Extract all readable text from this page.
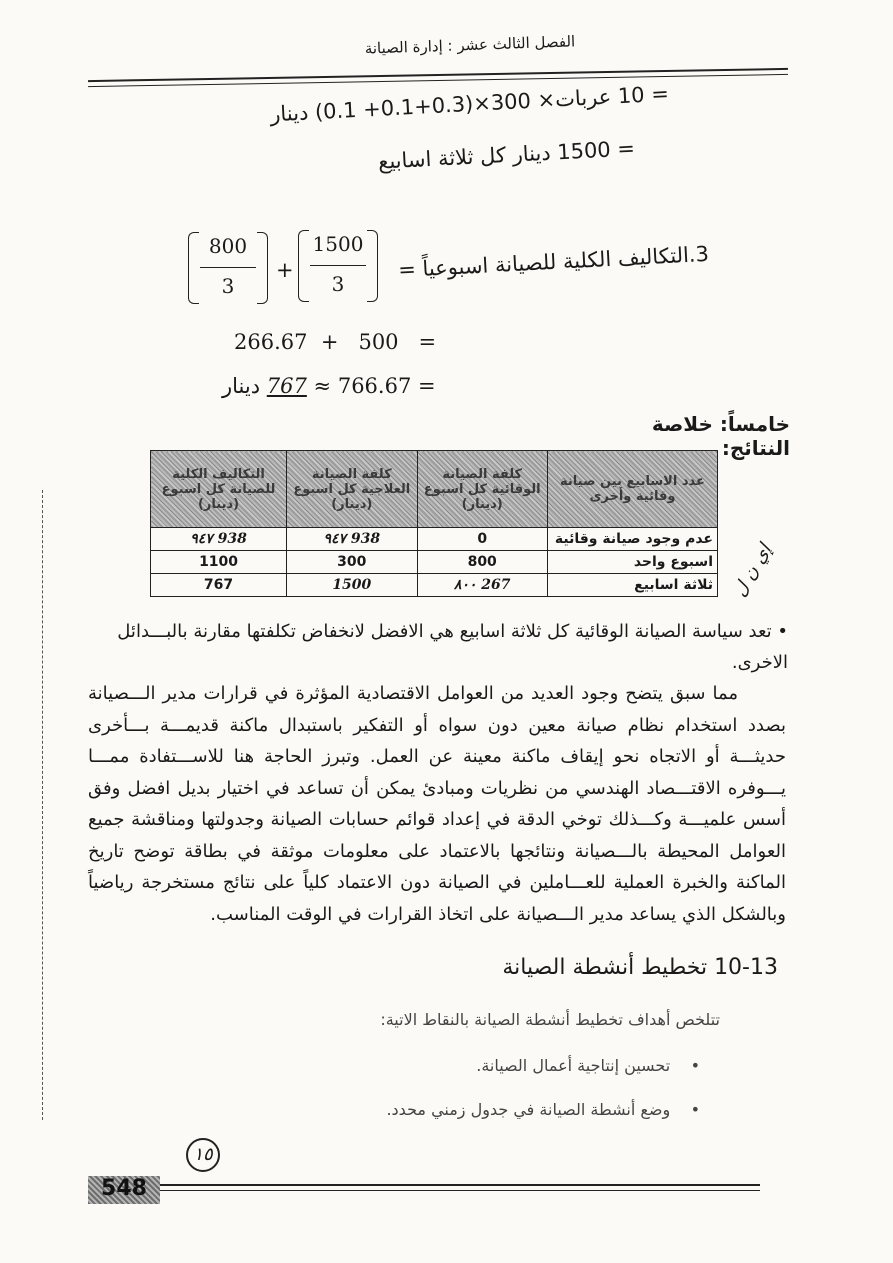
الفصل الثالث عشر : إدارة الصيانة
= 10 عربات× 300×(0.3+0.1+ 0.1) دينار
= 1500 دينار كل ثلاثة اسابيع
3.التكاليف الكلية للصيانة اسبوعياً =
1500
3
+
800
3
266.67  +   500   =
= 766.67 ≈ 767 دينار
خامساً: خلاصة النتائج:
عدد الاسابيع بين صيانة وقائية وأخرى	كلفة الصيانة الوقائية كل اسبوع (دينار)	كلفة الصيانة العلاجية كل اسبوع (دينار)	التكاليف الكلية للصيانة كل اسبوع (دينار)
عدم وجود صيانة وقائية	0	938 ٩٤٧	938 ٩٤٧
اسبوع واحد	800	300	1100
ثلاثة اسابيع	267 ٨٠٠	1500	767	إي ن ل
• تعد سياسة الصيانة الوقائية كل ثلاثة اسابيع هي الافضل لانخفاض تكلفتها مقارنة بالبـــدائل الاخرى.
مما سبق يتضح وجود العديد من العوامل الاقتصادية المؤثرة في قرارات مدير الـــصيانة بصدد استخدام نظام صيانة معين دون سواه أو التفكير باستبدال ماكنة قديمـــة بـــأخرى حديثـــة أو الاتجاه نحو إيقاف ماكنة معينة عن العمل. وتبرز الحاجة هنا للاســـتفادة ممـــا يـــوفره الاقتـــصاد الهندسي من نظريات ومبادئ يمكن أن تساعد في اختيار بديل افضل وفق أسس علميـــة وكـــذلك توخي الدقة في إعداد قوائم حسابات الصيانة وجدولتها ومناقشة جميع العوامل المحيطة بالـــصيانة ونتائجها بالاعتماد على معلومات موثقة في بطاقة توضح تاريخ الماكنة والخبرة العملية للعـــاملين في الصيانة دون الاعتماد كلياً على نتائج مستخرجة رياضياً وبالشكل الذي يساعد مدير الـــصيانة على اتخاذ القرارات في الوقت المناسب.
10-13 تخطيط أنشطة الصيانة
تتلخص أهداف تخطيط أنشطة الصيانة بالنقاط الاتية:
•    تحسين إنتاجية أعمال الصيانة.
•    وضع أنشطة الصيانة في جدول زمني محدد.
١٥
548
